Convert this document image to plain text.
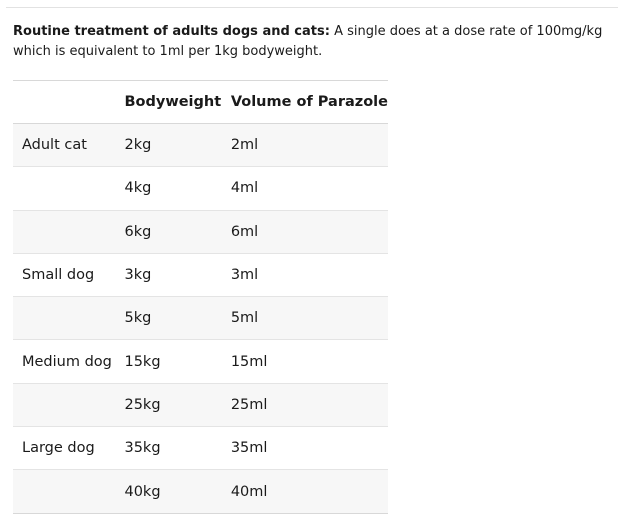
Routine treatment of adults dogs and cats: A single does at a dose rate of 100mg/kg which is equivalent to 1ml per 1kg bodyweight.

	Bodyweight	Volume of Parazole
Adult cat	2kg	2ml
	4kg	4ml
	6kg	6ml
Small dog	3kg	3ml
	5kg	5ml
Medium dog	15kg	15ml
	25kg	25ml
Large dog	35kg	35ml
	40kg	40ml
